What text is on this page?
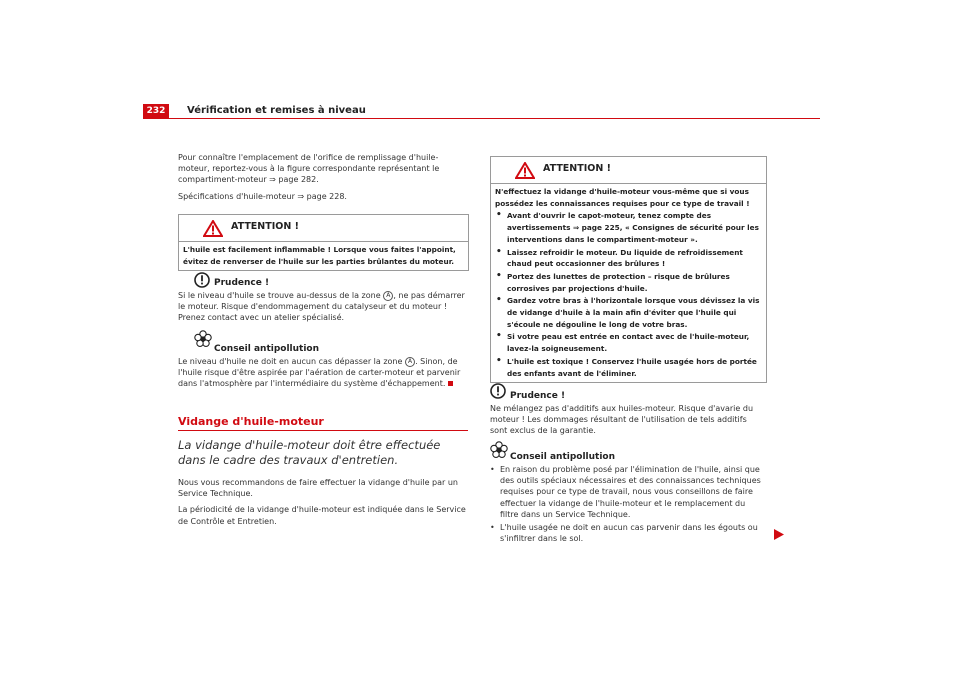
232	Vérification et remises à niveau

Pour connaître l'emplacement de l'orifice de remplissage d'huile-moteur, reportez-vous à la figure correspondante représentant le compartiment-moteur ⇒ page 282.

Spécifications d'huile-moteur ⇒ page 228.

ATTENTION !
L'huile est facilement inflammable ! Lorsque vous faites l'appoint, évitez de renverser de l'huile sur les parties brûlantes du moteur.
Prudence !

Si le niveau d'huile se trouve au-dessus de la zone A , ne pas démarrer le moteur. Risque d'endommagement du catalyseur et du moteur ! Prenez contact avec un atelier spécialisé.

Conseil antipollution

Le niveau d'huile ne doit en aucun cas dépasser la zone A . Sinon, de l'huile risque d'être aspirée par l'aération de carter-moteur et parvenir dans l'atmosphère par l'intermédiaire du système d'échappement.

Vidange d'huile-moteur
La vidange d'huile-moteur doit être effectuée dans le cadre des travaux d'entretien.

Nous vous recommandons de faire effectuer la vidange d'huile par un Service Technique.

La périodicité de la vidange d'huile-moteur est indiquée dans le Service de Contrôle et Entretien.

ATTENTION !
N'effectuez la vidange d'huile-moteur vous-même que si vous possédez les connaissances requises pour ce type de travail !
• Avant d'ouvrir le capot-moteur, tenez compte des avertissements ⇒ page 225, « Consignes de sécurité pour les interventions dans le compartiment-moteur ».
• Laissez refroidir le moteur. Du liquide de refroidissement chaud peut occasionner des brûlures !
• Portez des lunettes de protection – risque de brûlures corrosives par projections d'huile.
• Gardez votre bras à l'horizontale lorsque vous dévissez la vis de vidange d'huile à la main afin d'éviter que l'huile qui s'écoule ne dégouline le long de votre bras.
• Si votre peau est entrée en contact avec de l'huile-moteur, lavez-la soigneusement.
• L'huile est toxique ! Conservez l'huile usagée hors de portée des enfants avant de l'éliminer.
Prudence !

Ne mélangez pas d'additifs aux huiles-moteur. Risque d'avarie du moteur ! Les dommages résultant de l'utilisation de tels additifs sont exclus de la garantie.

Conseil antipollution

• En raison du problème posé par l'élimination de l'huile, ainsi que des outils spéciaux nécessaires et des connaissances techniques requises pour ce type de travail, nous vous conseillons de faire effectuer la vidange de l'huile-moteur et le remplacement du filtre dans un Service Technique.

• L'huile usagée ne doit en aucun cas parvenir dans les égouts ou s'infiltrer dans le sol.
